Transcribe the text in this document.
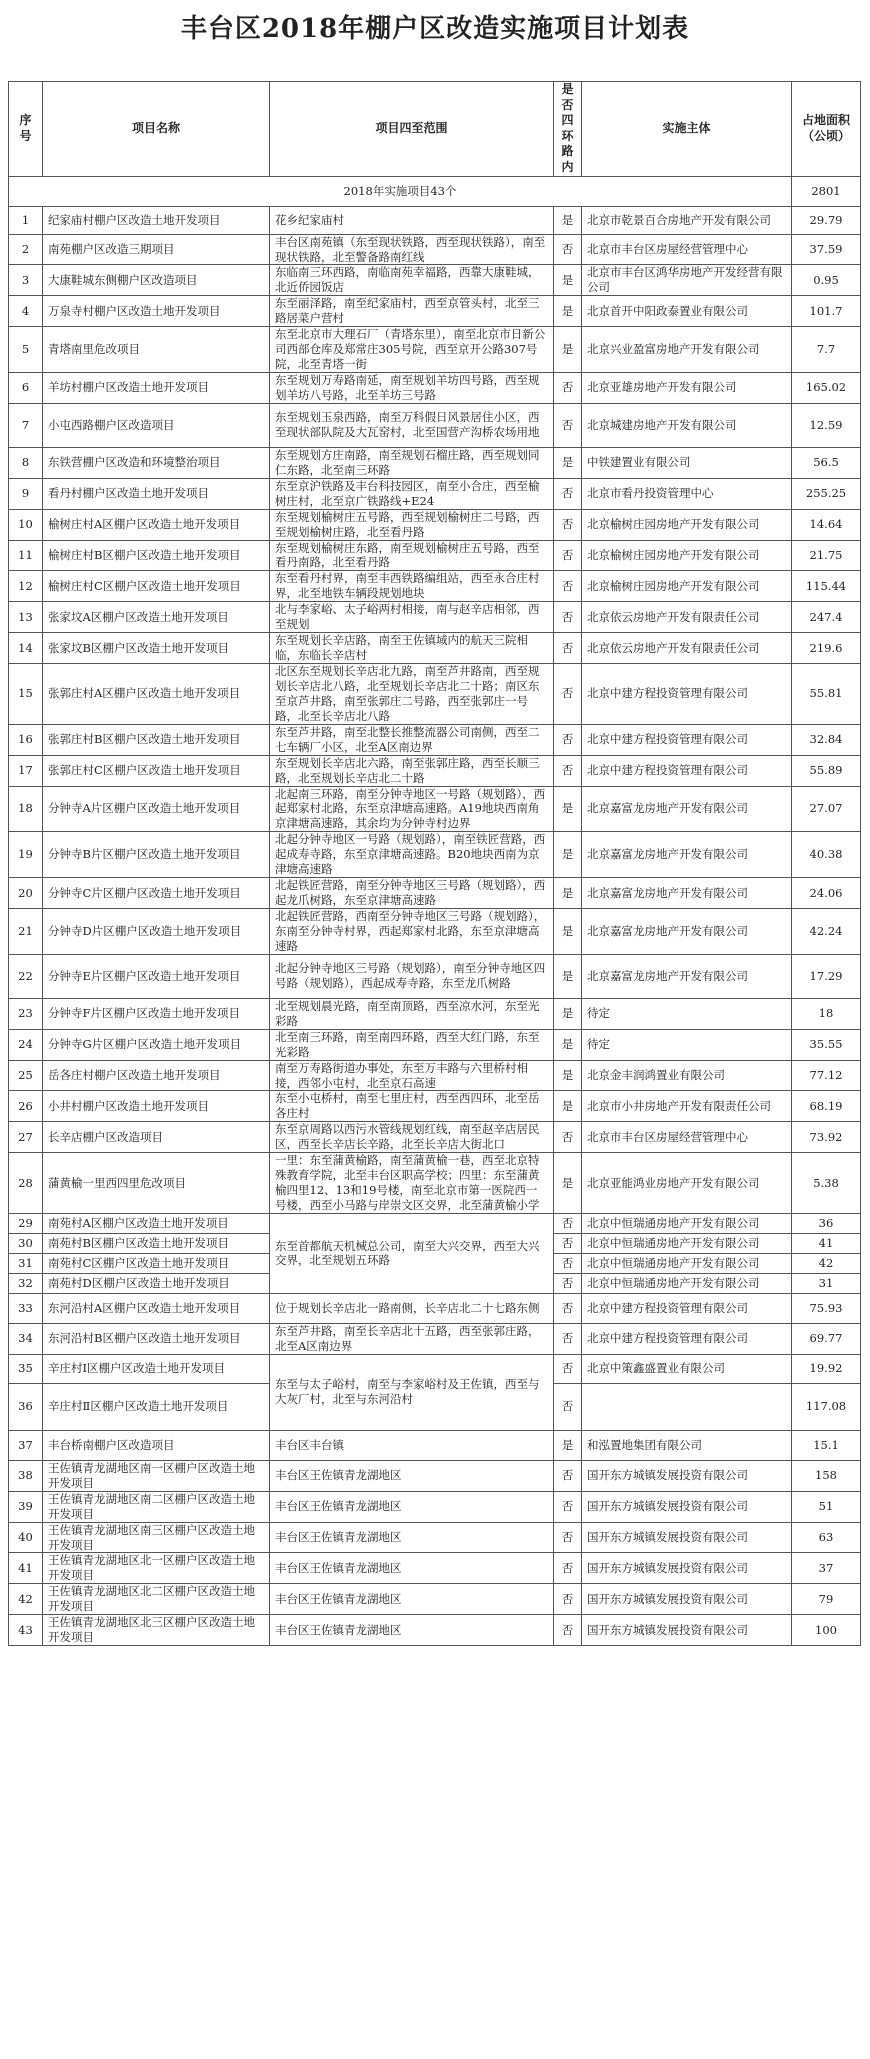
丰台区2018年棚户区改造实施项目计划表
序号	项目名称	项目四至范围	是否四环路内	实施主体	占地面积（公顷）
2018年实施项目43个					2801
1	纪家庙村棚户区改造土地开发项目	花乡纪家庙村	是	北京市乾景百合房地产开发有限公司	29.79
2	南苑棚户区改造三期项目	丰台区南苑镇（东至现状铁路，西至现状铁路），南至现状铁路，北至警备路南红线	否	北京市丰台区房屋经营管理中心	37.59
3	大康鞋城东侧棚户区改造项目	东临南三环西路，南临南苑幸福路，西靠大康鞋城，北近侨园饭店	是	北京市丰台区鸿华房地产开发经营有限公司	0.95
4	万泉寺村棚户区改造土地开发项目	东至丽泽路，南至纪家庙村，西至京管头村，北至三路居菜户营村	是	北京首开中阳政泰置业有限公司	101.7
5	青塔南里危改项目	东至北京市大理石厂（青塔东里），南至北京市日新公司西部仓库及郑常庄305号院，西至京开公路307号院，北至青塔一街	是	北京兴业盈富房地产开发有限公司	7.7
6	羊坊村棚户区改造土地开发项目	东至规划万寿路南延，南至规划羊坊四号路，西至规划羊坊八号路，北至羊坊三号路	否	北京亚雄房地产开发有限公司	165.02
7	小屯西路棚户区改造项目	东至规划玉泉西路，南至万科假日风景居住小区，西至现状部队院及大瓦窑村，北至国营产沟桥农场用地	否	北京城建房地产开发有限公司	12.59
8	东铁营棚户区改造和环境整治项目	东至规划方庄南路，南至规划石榴庄路，西至规划同仁东路，北至南三环路	是	中铁建置业有限公司	56.5
9	看丹村棚户区改造土地开发项目	东至京沪铁路及丰台科技园区，南至小合庄，西至榆树庄村，北至京广铁路线+E24	否	北京市看丹投资管理中心	255.25
10	榆树庄村A区棚户区改造土地开发项目	东至规划榆树庄五号路，西至规划榆树庄二号路，西至规划榆树庄路，北至看丹路	否	北京榆树庄园房地产开发有限公司	14.64
11	榆树庄村B区棚户区改造土地开发项目	东至规划榆树庄东路，南至规划榆树庄五号路，西至看丹南路，北至看丹路	否	北京榆树庄园房地产开发有限公司	21.75
12	榆树庄村C区棚户区改造土地开发项目	东至看丹村界，南至丰西铁路编组站，西至永合庄村界，北至地铁车辆段规划地块	否	北京榆树庄园房地产开发有限公司	115.44
13	张家坟A区棚户区改造土地开发项目	北与李家峪、太子峪两村相接，南与赵辛店相邻，西至规划	否	北京依云房地产开发有限责任公司	247.4
14	张家坟B区棚户区改造土地开发项目	东至规划长辛店路，南至王佐镇域内的航天三院相临，东临长辛店村	否	北京依云房地产开发有限责任公司	219.6
15	张郭庄村A区棚户区改造土地开发项目	北区东至规划长辛店北九路，南至芦井路南，西至规划长辛店北八路，北至规划长辛店北二十路；南区东至京芦井路，南至张郭庄二号路，西至张郭庄一号路，北至长辛店北八路	否	北京中建方程投资管理有限公司	55.81
16	张郭庄村B区棚户区改造土地开发项目	东至芦井路，南至北整长推整流器公司南侧，西至二七车辆厂小区，北至A区南边界	否	北京中建方程投资管理有限公司	32.84
17	张郭庄村C区棚户区改造土地开发项目	东至规划长辛店北六路，南至张郭庄路，西至长顺三路，北至规划长辛店北二十路	否	北京中建方程投资管理有限公司	55.89
18	分钟寺A片区棚户区改造土地开发项目	北起南三环路，南至分钟寺地区一号路（规划路），西起郑家村北路，东至京津塘高速路。A19地块西南角京津塘高速路，其余均为分钟寺村边界	是	北京嘉富龙房地产开发有限公司	27.07
19	分钟寺B片区棚户区改造土地开发项目	北起分钟寺地区一号路（规划路），南至铁匠营路，西起成寿寺路，东至京津塘高速路。B20地块西南为京津塘高速路	是	北京嘉富龙房地产开发有限公司	40.38
20	分钟寺C片区棚户区改造土地开发项目	北起铁匠营路，南至分钟寺地区三号路（规划路），西起龙爪树路，东至京津塘高速路	是	北京嘉富龙房地产开发有限公司	24.06
21	分钟寺D片区棚户区改造土地开发项目	北起铁匠营路，西南至分钟寺地区三号路（规划路），东南至分钟寺村界，西起郑家村北路，东至京津塘高速路	是	北京嘉富龙房地产开发有限公司	42.24
22	分钟寺E片区棚户区改造土地开发项目	北起分钟寺地区三号路（规划路），南至分钟寺地区四号路（规划路），西起成寿寺路，东至龙爪树路	是	北京嘉富龙房地产开发有限公司	17.29
23	分钟寺F片区棚户区改造土地开发项目	北至规划晨光路，南至南顶路，西至凉水河，东至光彩路	是	待定	18
24	分钟寺G片区棚户区改造土地开发项目	北至南三环路，南至南四环路，西至大红门路，东至光彩路	是	待定	35.55
25	岳各庄村棚户区改造土地开发项目	南至万寿路街道办事处，东至万丰路与六里桥村相接，西邻小屯村，北至京石高速	是	北京金丰润鸿置业有限公司	77.12
26	小井村棚户区改造土地开发项目	东至小屯桥村，南至七里庄村，西至西四环，北至岳各庄村	是	北京市小井房地产开发有限责任公司	68.19
27	长辛店棚户区改造项目	东至京周路以西污水管线规划红线，南至赵辛店居民区，西至长辛店长辛路，北至长辛店大街北口	否	北京市丰台区房屋经营管理中心	73.92
28	蒲黄榆一里西四里危改项目	一里：东至蒲黄榆路，南至蒲黄榆一巷，西至北京特殊教育学院，北至丰台区职高学校；四里：东至蒲黄榆四里12、13和19号楼，南至北京市第一医院西一号楼，西至小马路与岸崇文区交界，北至蒲黄榆小学	是	北京亚能鸿业房地产开发有限公司	5.38
29	南苑村A区棚户区改造土地开发项目	东至首都航天机械总公司，南至大兴交界，西至大兴交界，北至规划五环路	否	北京中恒瑞通房地产开发有限公司	36
30	南苑村B区棚户区改造土地开发项目		否	北京中恒瑞通房地产开发有限公司	41
31	南苑村C区棚户区改造土地开发项目		否	北京中恒瑞通房地产开发有限公司	42
32	南苑村D区棚户区改造土地开发项目		否	北京中恒瑞通房地产开发有限公司	31
33	东河沿村A区棚户区改造土地开发项目	位于规划长辛店北一路南侧，长辛店北二十七路东侧	否	北京中建方程投资管理有限公司	75.93
34	东河沿村B区棚户区改造土地开发项目	东至芦井路，南至长辛店北十五路，西至张郭庄路，北至A区南边界	否	北京中建方程投资管理有限公司	69.77
35	辛庄村Ⅰ区棚户区改造土地开发项目	东至与太子峪村，南至与李家峪村及王佐镇，西至与大灰厂村，北至与东河沿村	否	北京中策鑫盛置业有限公司	19.92
36	辛庄村Ⅱ区棚户区改造土地开发项目		否		117.08
37	丰台桥南棚户区改造项目	丰台区丰台镇	是	和泓置地集团有限公司	15.1
38	王佐镇青龙湖地区南一区棚户区改造土地开发项目	丰台区王佐镇青龙湖地区	否	国开东方城镇发展投资有限公司	158
39	王佐镇青龙湖地区南二区棚户区改造土地开发项目	丰台区王佐镇青龙湖地区	否	国开东方城镇发展投资有限公司	51
40	王佐镇青龙湖地区南三区棚户区改造土地开发项目	丰台区王佐镇青龙湖地区	否	国开东方城镇发展投资有限公司	63
41	王佐镇青龙湖地区北一区棚户区改造土地开发项目	丰台区王佐镇青龙湖地区	否	国开东方城镇发展投资有限公司	37
42	王佐镇青龙湖地区北二区棚户区改造土地开发项目	丰台区王佐镇青龙湖地区	否	国开东方城镇发展投资有限公司	79
43	王佐镇青龙湖地区北三区棚户区改造土地开发项目	丰台区王佐镇青龙湖地区	否	国开东方城镇发展投资有限公司	100
